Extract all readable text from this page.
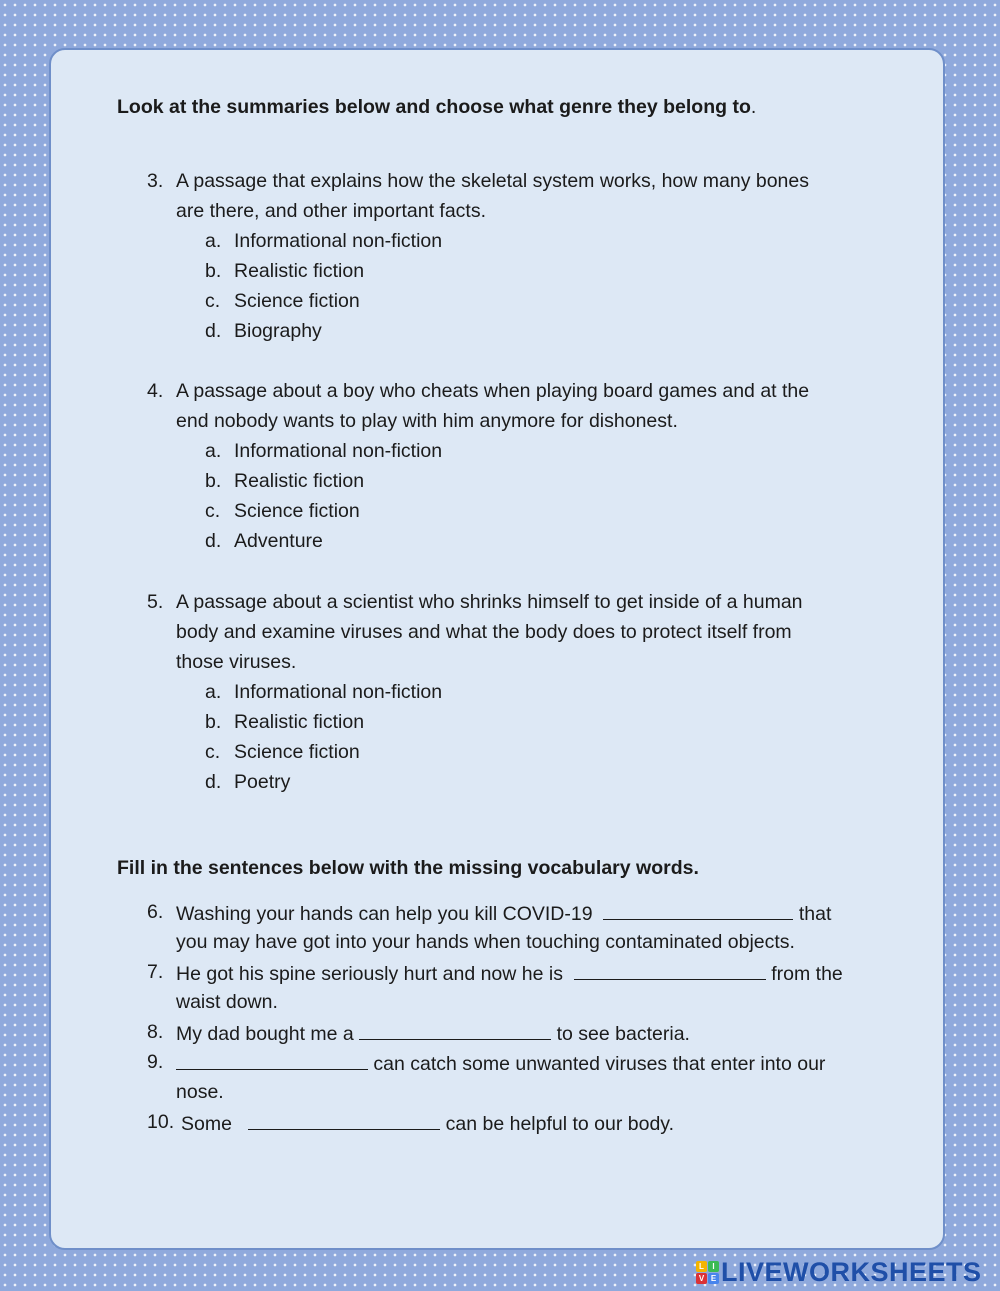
Look at the summaries below and choose what genre they belong to.
3. A passage that explains how the skeletal system works, how many bones
are there, and other important facts.
a. Informational non-fiction
b. Realistic fiction
c. Science fiction
d. Biography
4. A passage about a boy who cheats when playing board games and at the
end nobody wants to play with him anymore for dishonest.
a. Informational non-fiction
b. Realistic fiction
c. Science fiction
d. Adventure
5. A passage about a scientist who shrinks himself to get inside of a human
body and examine viruses and what the body does to protect itself from
those viruses.
a. Informational non-fiction
b. Realistic fiction
c. Science fiction
d. Poetry
Fill in the sentences below with the missing vocabulary words.
6. Washing your hands can help you kill COVID-19	that
you may have got into your hands when touching contaminated objects.
7. He got his spine seriously hurt and now he is	from the
waist down.
8. My dad bought me a	to see bacteria.
9.	can catch some unwanted viruses that enter into our
nose.
10. Some	can be helpful to our body.
L	I
V E LIVEWORKSHEETS
